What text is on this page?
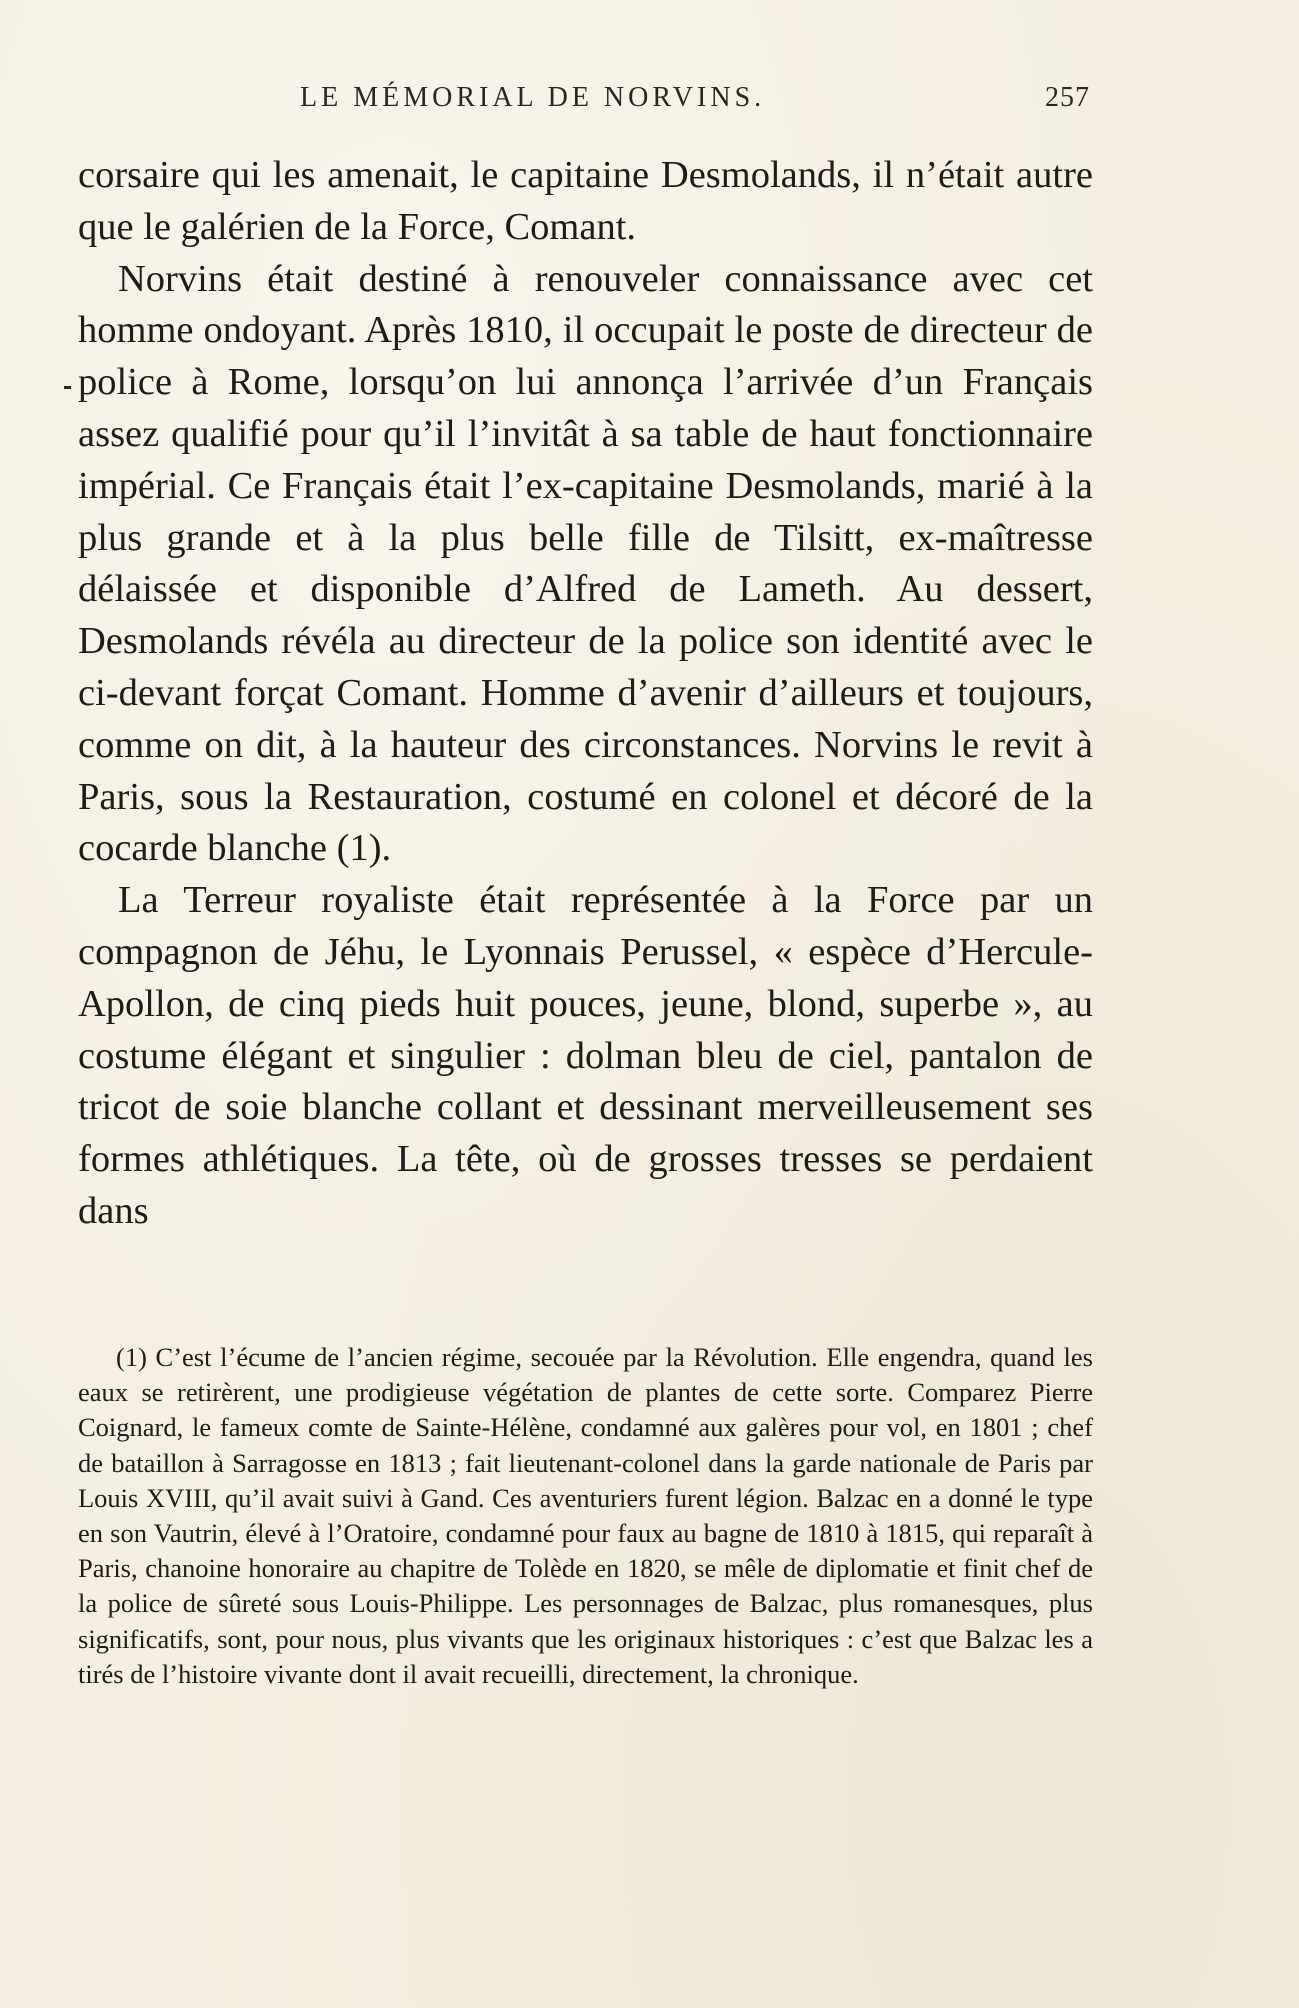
LE MÉMORIAL DE NORVINS.	257

corsaire qui les amenait, le capitaine Desmolands, il n’était autre que le galérien de la Force, Comant.

Norvins était destiné à renouveler connaissance avec cet homme ondoyant. Après 1810, il occupait le poste de directeur de police à Rome, lorsqu’on lui annonça l’arrivée d’un Français assez qualifié pour qu’il l’invitât à sa table de haut fonctionnaire impérial. Ce Français était l’ex-capitaine Desmolands, marié à la plus grande et à la plus belle fille de Tilsitt, ex-maîtresse délaissée et disponible d’Alfred de Lameth. Au dessert, Desmolands révéla au directeur de la police son identité avec le ci-devant forçat Comant. Homme d’avenir d’ailleurs et toujours, comme on dit, à la hauteur des circonstances. Norvins le revit à Paris, sous la Restauration, costumé en colonel et décoré de la cocarde blanche (1).

La Terreur royaliste était représentée à la Force par un compagnon de Jéhu, le Lyonnais Perussel, « espèce d’Hercule-Apollon, de cinq pieds huit pouces, jeune, blond, superbe », au costume élégant et singulier : dolman bleu de ciel, pantalon de tricot de soie blanche collant et dessinant merveilleusement ses formes athlétiques. La tête, où de grosses tresses se perdaient dans

(1) C’est l’écume de l’ancien régime, secouée par la Révolution. Elle engendra, quand les eaux se retirèrent, une prodigieuse végétation de plantes de cette sorte. Comparez Pierre Coignard, le fameux comte de Sainte-Hélène, condamné aux galères pour vol, en 1801 ; chef de bataillon à Sarragosse en 1813 ; fait lieutenant-colonel dans la garde nationale de Paris par Louis XVIII, qu’il avait suivi à Gand. Ces aventuriers furent légion. Balzac en a donné le type en son Vautrin, élevé à l’Oratoire, condamné pour faux au bagne de 1810 à 1815, qui reparaît à Paris, chanoine honoraire au chapitre de Tolède en 1820, se mêle de diplomatie et finit chef de la police de sûreté sous Louis-Philippe. Les personnages de Balzac, plus romanesques, plus significatifs, sont, pour nous, plus vivants que les originaux historiques : c’est que Balzac les a tirés de l’histoire vivante dont il avait recueilli, directement, la chronique.
